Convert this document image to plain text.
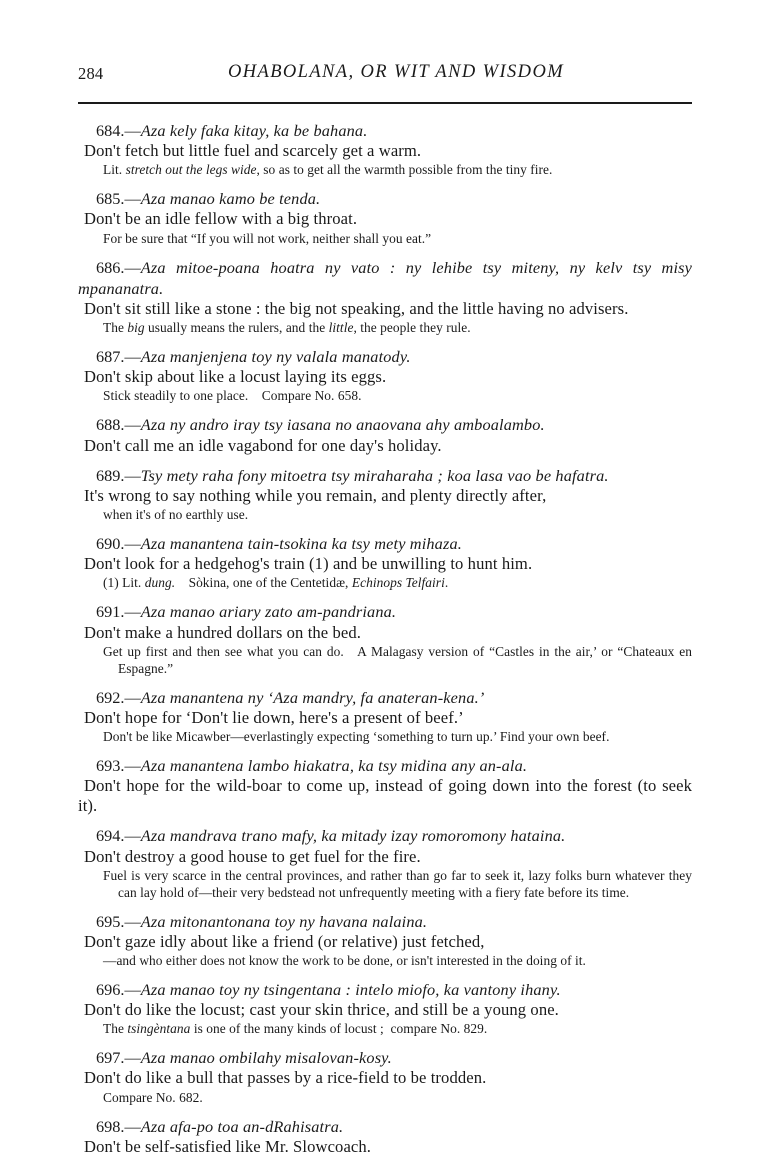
284	OHABOLANA, OR WIT AND WISDOM

684.—Aza kely faka kitay, ka be bahana.

Don't fetch but little fuel and scarcely get a warm.

Lit. stretch out the legs wide, so as to get all the warmth possible from the tiny fire.

685.—Aza manao kamo be tenda.

Don't be an idle fellow with a big throat.

For be sure that “If you will not work, neither shall you eat.”

686.—Aza mitoe-poana hoatra ny vato : ny lehibe tsy miteny, ny kelv tsy misy mpananatra.

Don't sit still like a stone : the big not speaking, and the little having no advisers.

The big usually means the rulers, and the little, the people they rule.

687.—Aza manjenjena toy ny valala manatody.

Don't skip about like a locust laying its eggs.

Stick steadily to one place. Compare No. 658.

688.—Aza ny andro iray tsy iasana no anaovana ahy amboalambo.

Don't call me an idle vagabond for one day's holiday.

689.—Tsy mety raha fony mitoetra tsy miraharaha ; koa lasa vao be hafatra.

It's wrong to say nothing while you remain, and plenty directly after,

when it's of no earthly use.

690.—Aza manantena tain-tsokina ka tsy mety mihaza.

Don't look for a hedgehog's train (1) and be unwilling to hunt him.

(1) Lit. dung. Sòkina, one of the Centetidæ, Echinops Telfairi.

691.—Aza manao ariary zato am-pandriana.

Don't make a hundred dollars on the bed.

Get up first and then see what you can do. A Malagasy version of “Castles in the air,’ or “Chateaux en Espagne.”

692.—Aza manantena ny ‘Aza mandry, fa anateran-kena.’

Don't hope for ‘Don't lie down, here's a present of beef.’

Don't be like Micawber—everlastingly expecting ‘something to turn up.’ Find your own beef.

693.—Aza manantena lambo hiakatra, ka tsy midina any an-ala.

Don't hope for the wild-boar to come up, instead of going down into the forest (to seek it).

694.—Aza mandrava trano mafy, ka mitady izay romoromony hataina.

Don't destroy a good house to get fuel for the fire.

Fuel is very scarce in the central provinces, and rather than go far to seek it, lazy folks burn whatever they can lay hold of—their very bedstead not unfrequently meeting with a fiery fate before its time.

695.—Aza mitonantonana toy ny havana nalaina.

Don't gaze idly about like a friend (or relative) just fetched,

—and who either does not know the work to be done, or isn't interested in the doing of it.

696.—Aza manao toy ny tsingentana : intelo miofo, ka vantony ihany.

Don't do like the locust; cast your skin thrice, and still be a young one.

The tsingèntana is one of the many kinds of locust ; compare No. 829.

697.—Aza manao ombilahy misalovan-kosy.

Don't do like a bull that passes by a rice-field to be trodden.

Compare No. 682.

698.—Aza afa-po toa an-dRahisatra.

Don't be self-satisfied like Mr. Slowcoach.
